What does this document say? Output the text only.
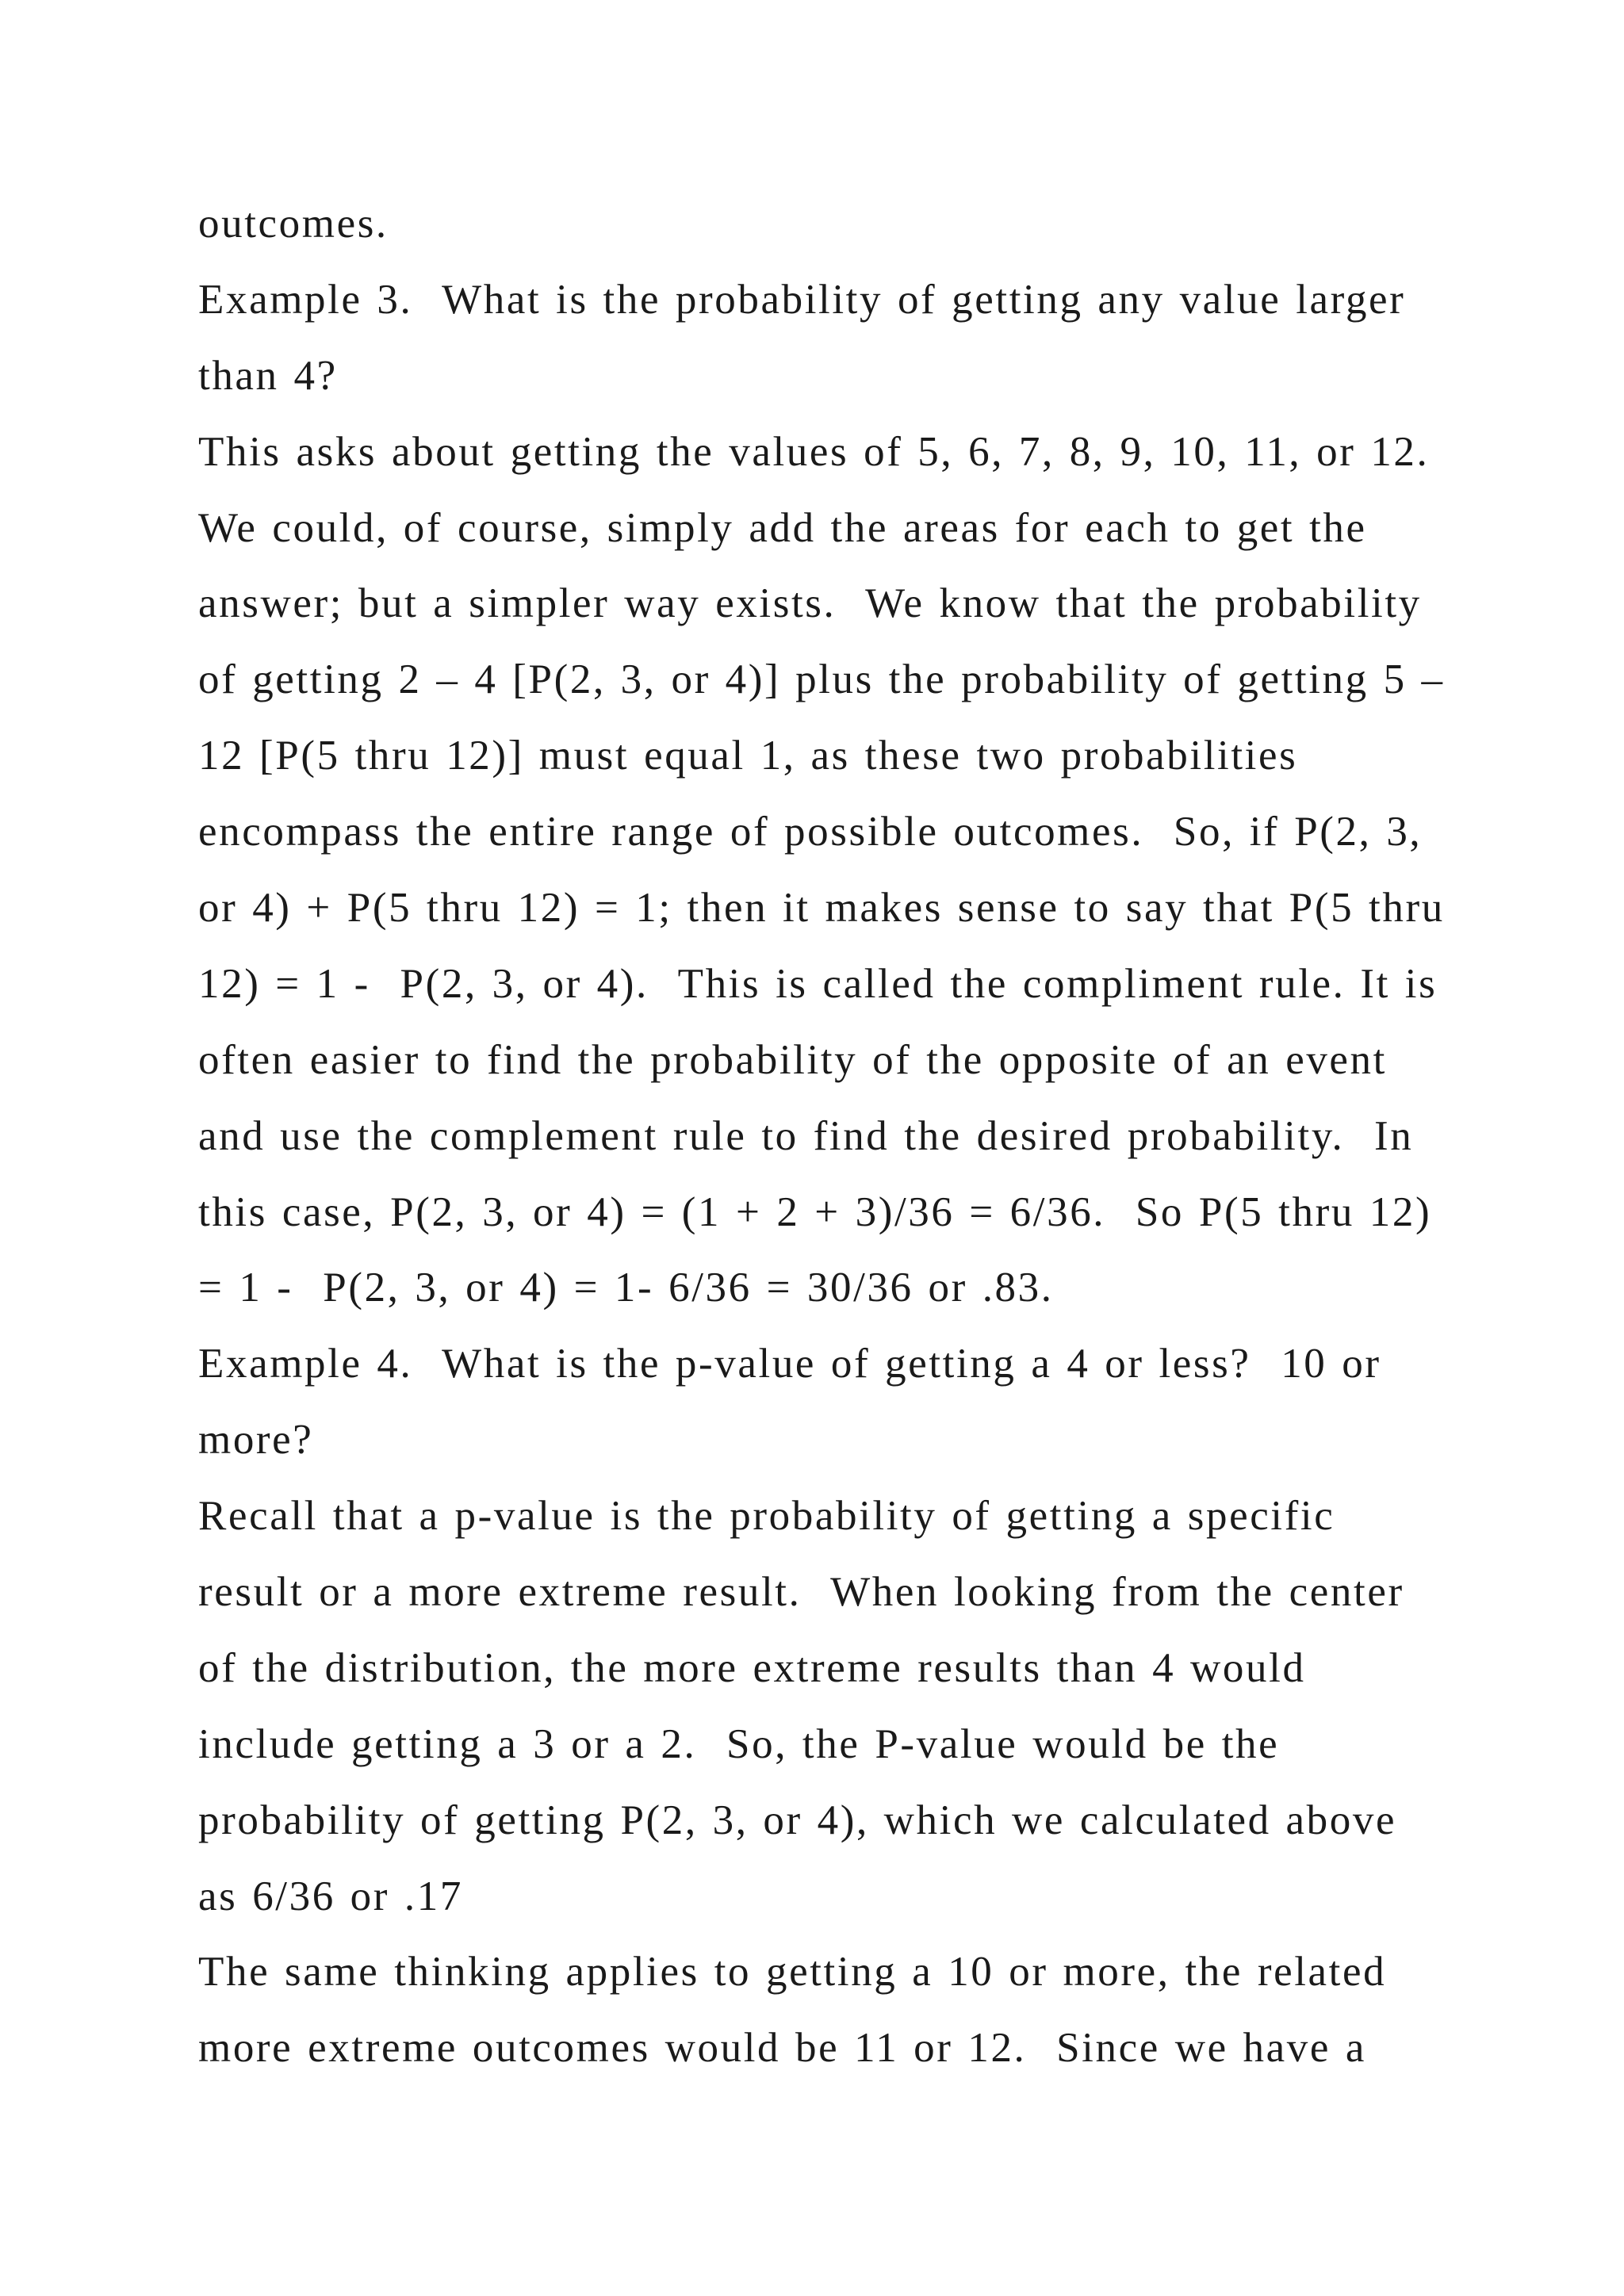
outcomes.
Example 3.  What is the probability of getting any value larger
than 4?
This asks about getting the values of 5, 6, 7, 8, 9, 10, 11, or 12.
We could, of course, simply add the areas for each to get the
answer; but a simpler way exists.  We know that the probability
of getting 2 – 4 [P(2, 3, or 4)] plus the probability of getting 5 –
12 [P(5 thru 12)] must equal 1, as these two probabilities
encompass the entire range of possible outcomes.  So, if P(2, 3,
or 4) + P(5 thru 12) = 1; then it makes sense to say that P(5 thru
12) = 1 -  P(2, 3, or 4).  This is called the compliment rule. It is
often easier to find the probability of the opposite of an event
and use the complement rule to find the desired probability.  In
this case, P(2, 3, or 4) = (1 + 2 + 3)/36 = 6/36.  So P(5 thru 12)
= 1 -  P(2, 3, or 4) = 1- 6/36 = 30/36 or .83.
Example 4.  What is the p-value of getting a 4 or less?  10 or
more?
Recall that a p-value is the probability of getting a specific
result or a more extreme result.  When looking from the center
of the distribution, the more extreme results than 4 would
include getting a 3 or a 2.  So, the P-value would be the
probability of getting P(2, 3, or 4), which we calculated above
as 6/36 or .17
The same thinking applies to getting a 10 or more, the related
more extreme outcomes would be 11 or 12.  Since we have a
